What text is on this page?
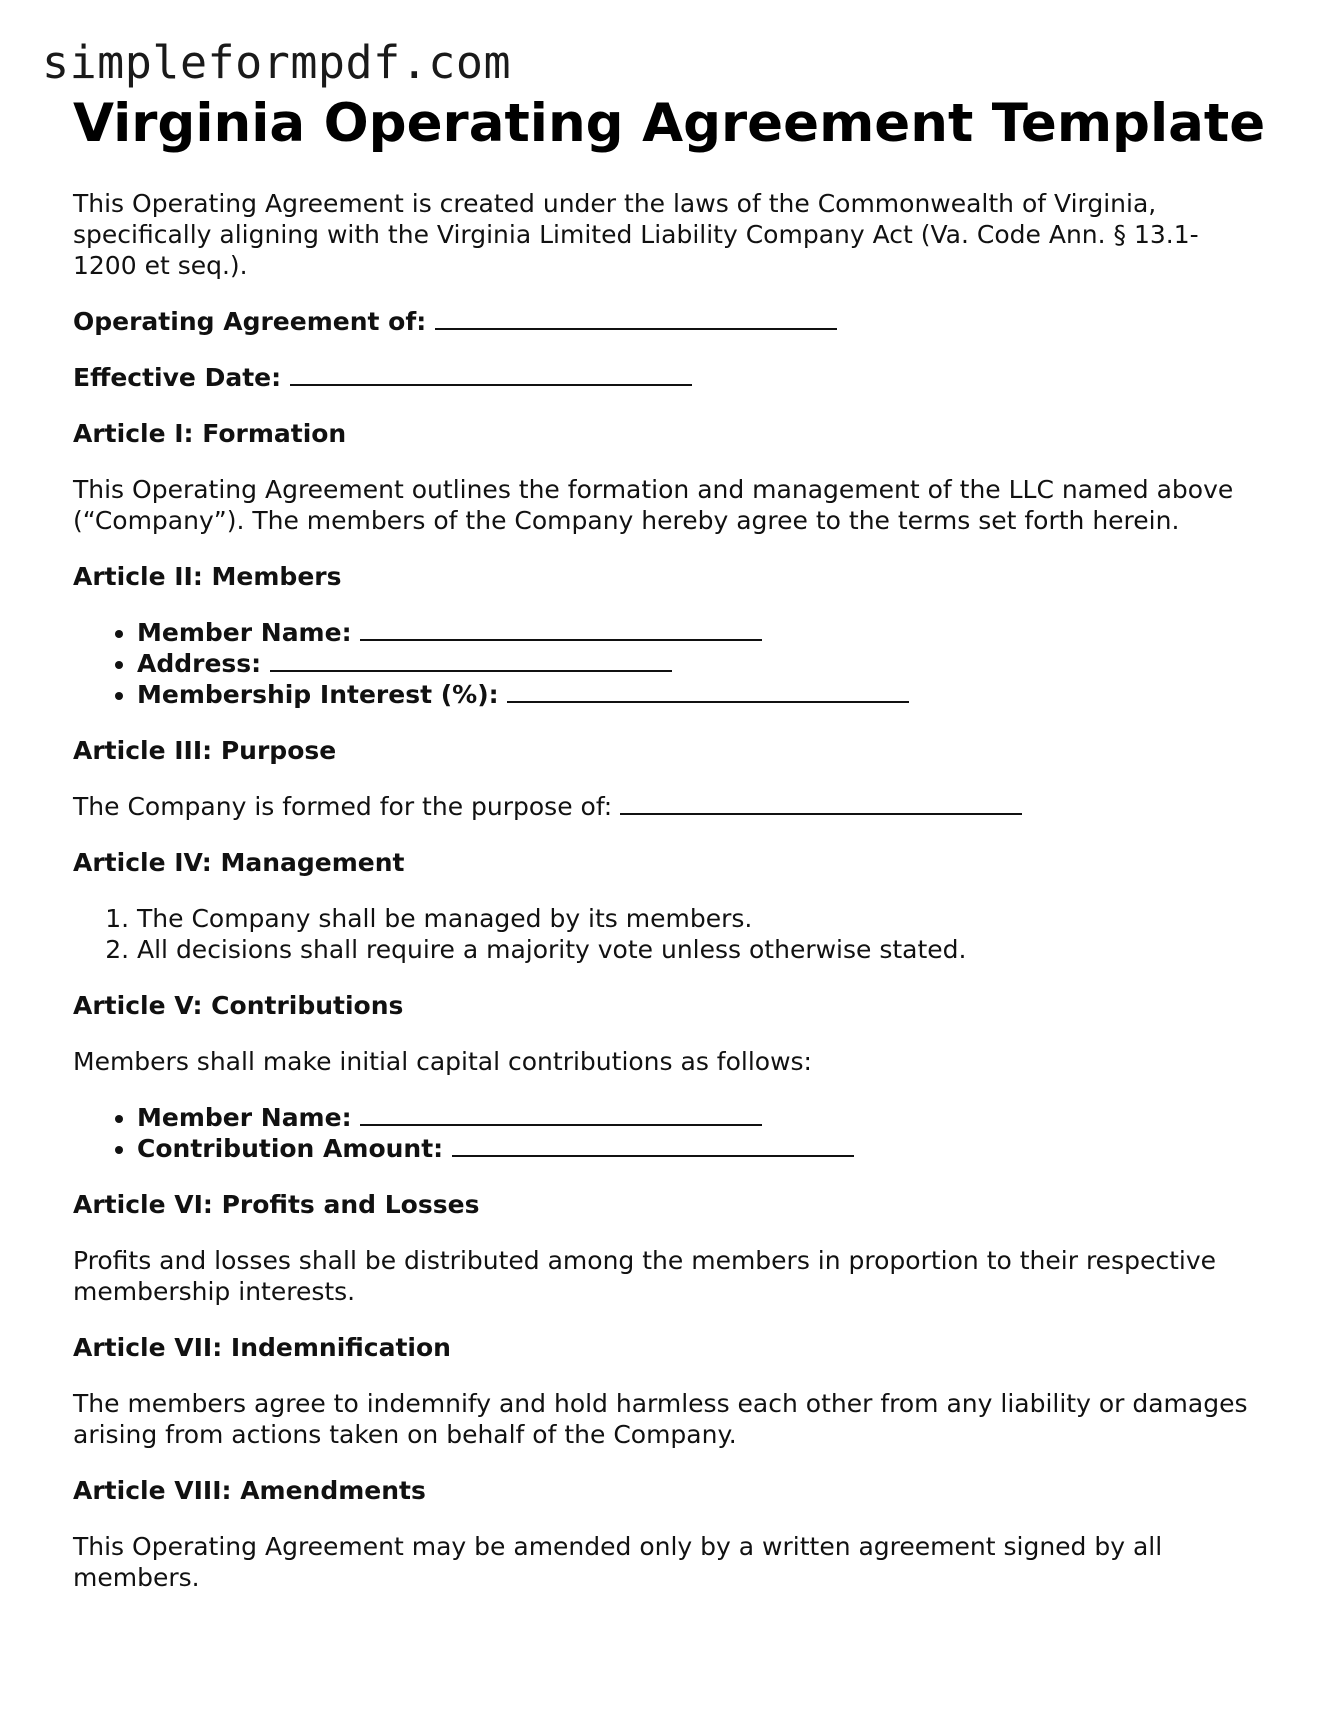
simpleformpdf.com
Virginia Operating Agreement Template

This Operating Agreement is created under the laws of the Commonwealth of Virginia, specifically aligning with the Virginia Limited Liability Company Act (Va. Code Ann. § 13.1-1200 et seq.).

Operating Agreement of:

Effective Date:

Article I: Formation

This Operating Agreement outlines the formation and management of the LLC named above (“Company”). The members of the Company hereby agree to the terms set forth herein.

Article II: Members

• Member Name:
• Address:
• Membership Interest (%):

Article III: Purpose

The Company is formed for the purpose of:

Article IV: Management

1. The Company shall be managed by its members.
2. All decisions shall require a majority vote unless otherwise stated.

Article V: Contributions

Members shall make initial capital contributions as follows:

• Member Name:
• Contribution Amount:

Article VI: Profits and Losses

Profits and losses shall be distributed among the members in proportion to their respective membership interests.

Article VII: Indemnification

The members agree to indemnify and hold harmless each other from any liability or damages arising from actions taken on behalf of the Company.

Article VIII: Amendments

This Operating Agreement may be amended only by a written agreement signed by all members.
